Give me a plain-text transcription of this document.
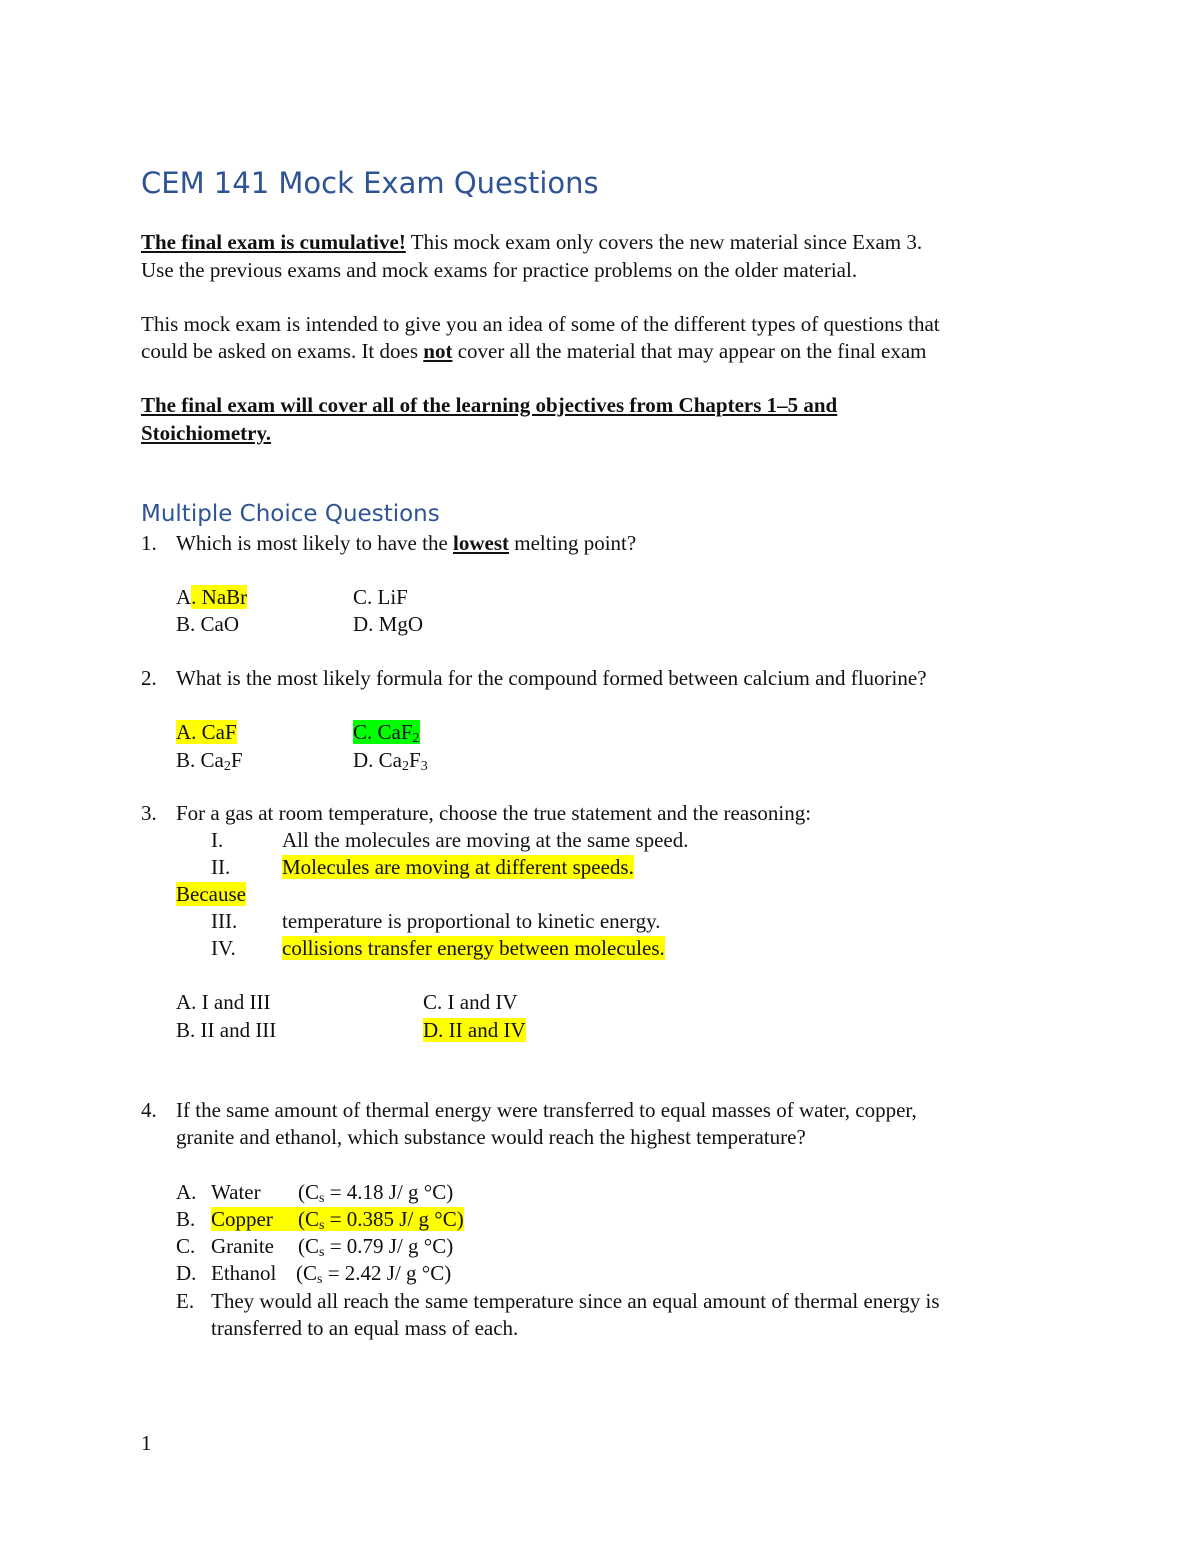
CEM 141 Mock Exam Questions
The final exam is cumulative! This mock exam only covers the new material since Exam 3.
Use the previous exams and mock exams for practice problems on the older material.
This mock exam is intended to give you an idea of some of the different types of questions that
could be asked on exams. It does not cover all the material that may appear on the final exam
The final exam will cover all of the learning objectives from Chapters 1–5 and
Stoichiometry.
Multiple Choice Questions
1. Which is most likely to have the lowest melting point?
A. NaBr
B. CaO
C. LiF
D. MgO
2. What is the most likely formula for the compound formed between calcium and fluorine?
A. CaF
B. $Ca_2F$
C. CaF$_2$
D. $Ca_2F_3$
3. For a gas at room temperature, choose the true statement and the reasoning:
I.	All the molecules are moving at the same speed.
II. Molecules are moving at different speeds.
Because
III. temperature is proportional to kinetic energy.
IV. collisions transfer energy between molecules.
A. I and III
B. II and III
C. I and IV
D. II and IV
4. If the same amount of thermal energy were transferred to equal masses of water, copper,
granite and ethanol, which substance would reach the highest temperature?
A. Water ($C_s = 4.18$ J/ g °C)
B. Copper ($C_s = 0.385$ J/ g °C)
C. Granite ($C_s = 0.79$ J/ g °C)
D. Ethanol ($C_s = 2.42$ J/ g °C)
E. They would all reach the same temperature since an equal amount of thermal energy is
transferred to an equal mass of each.
1
